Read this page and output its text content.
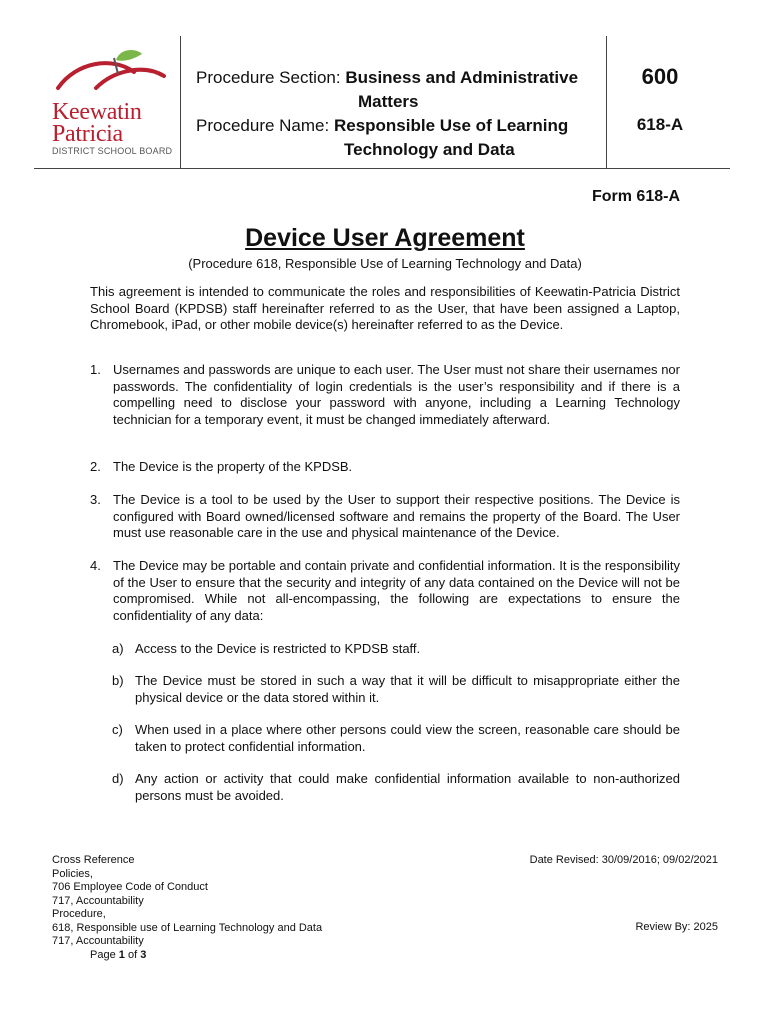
Keewatin
Patricia
DISTRICT SCHOOL BOARD
Procedure Section: Business and Administrative
Matters
Procedure Name: Responsible Use of Learning
Technology and Data
600
618-A
Form 618-A
Device User Agreement
(Procedure 618, Responsible Use of Learning Technology and Data)
This agreement is intended to communicate the roles and responsibilities of Keewatin-Patricia District School Board (KPDSB) staff hereinafter referred to as the User, that have been assigned a Laptop, Chromebook, iPad, or other mobile device(s) hereinafter referred to as the Device.
1. Usernames and passwords are unique to each user. The User must not share their usernames nor passwords. The confidentiality of login credentials is the user’s responsibility and if there is a compelling need to disclose your password with anyone, including a Learning Technology technician for a temporary event, it must be changed immediately afterward.
2. The Device is the property of the KPDSB.
3. The Device is a tool to be used by the User to support their respective positions. The Device is configured with Board owned/licensed software and remains the property of the Board. The User must use reasonable care in the use and physical maintenance of the Device.
4. The Device may be portable and contain private and confidential information. It is the responsibility of the User to ensure that the security and integrity of any data contained on the Device will not be compromised. While not all-encompassing, the following are expectations to ensure the confidentiality of any data:
a) Access to the Device is restricted to KPDSB staff.
b) The Device must be stored in such a way that it will be difficult to misappropriate either the physical device or the data stored within it.
c) When used in a place where other persons could view the screen, reasonable care should be taken to protect confidential information.
d) Any action or activity that could make confidential information available to non-authorized persons must be avoided.
Cross Reference
Policies,
706 Employee Code of Conduct
717, Accountability
Procedure,
618, Responsible use of Learning Technology and Data
717, Accountability
Page 1 of 3
Date Revised: 30/09/2016; 09/02/2021
Review By: 2025
